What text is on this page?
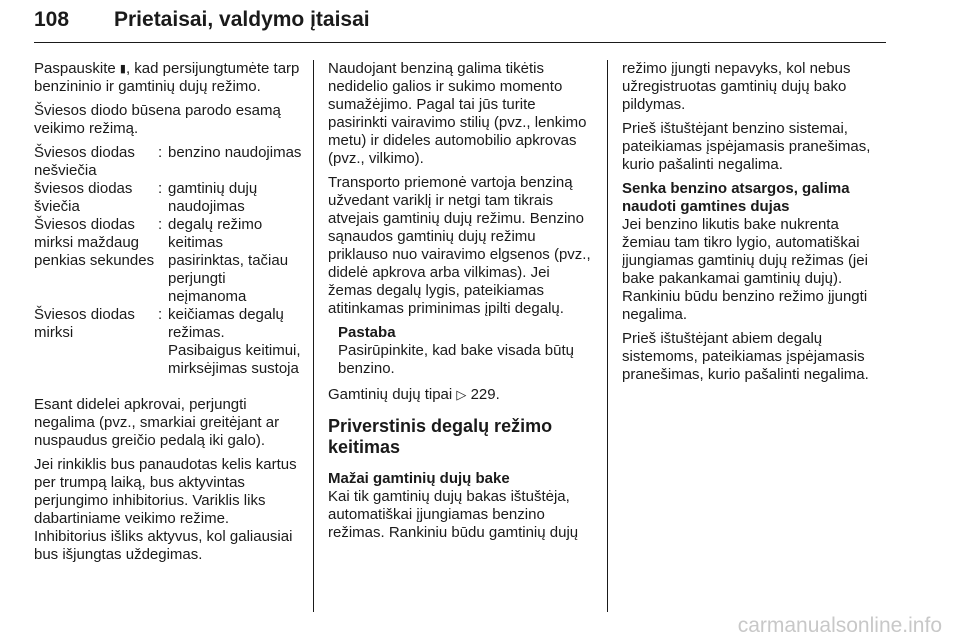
108 Prietaisai, valdymo įtaisai

Paspauskite ▮, kad persijungtumėte tarp benzininio ir gamtinių dujų režimo.

Šviesos diodo būsena parodo esamą veikimo režimą.

Šviesos diodas nešviečia
: benzino naudojimas
šviesos diodas šviečia
: gamtinių dujų naudojimas
Šviesos diodas mirksi maždaug penkias sekundes
: degalų režimo keitimas pasirinktas, tačiau perjungti neįmanoma
Šviesos diodas mirksi
: keičiamas degalų režimas. Pasibaigus keitimui, mirksėjimas sustoja

Esant didelei apkrovai, perjungti negalima (pvz., smarkiai greitėjant ar nuspaudus greičio pedalą iki galo).

Jei rinkiklis bus panaudotas kelis kartus per trumpą laiką, bus aktyvintas perjungimo inhibitorius. Variklis liks dabartiniame veikimo režime. Inhibitorius išliks aktyvus, kol galiausiai bus išjungtas uždegimas.

Naudojant benziną galima tikėtis nedidelio galios ir sukimo momento sumažėjimo. Pagal tai jūs turite pasirinkti vairavimo stilių (pvz., lenkimo metu) ir dideles automobilio apkrovas (pvz., vilkimo).

Transporto priemonė vartoja benziną užvedant variklį ir netgi tam tikrais atvejais gamtinių dujų režimu. Benzino sąnaudos gamtinių dujų režimu priklauso nuo vairavimo elgsenos (pvz., didelė apkrova arba vilkimas). Jei žemas degalų lygis, pateikiamas atitinkamas priminimas įpilti degalų.

Pastaba
Pasirūpinkite, kad bake visada būtų benzino.

Gamtinių dujų tipai ▷ 229.

Priverstinis degalų režimo keitimas
Mažai gamtinių dujų bake

Kai tik gamtinių dujų bakas ištuštėja, automatiškai įjungiamas benzino režimas. Rankiniu būdu gamtinių dujų

režimo įjungti nepavyks, kol nebus užregistruotas gamtinių dujų bako pildymas.

Prieš ištuštėjant benzino sistemai, pateikiamas įspėjamasis pranešimas, kurio pašalinti negalima.

Senka benzino atsargos, galima naudoti gamtines dujas

Jei benzino likutis bake nukrenta žemiau tam tikro lygio, automatiškai įjungiamas gamtinių dujų režimas (jei bake pakankamai gamtinių dujų). Rankiniu būdu benzino režimo įjungti negalima.

Prieš ištuštėjant abiem degalų sistemoms, pateikiamas įspėjamasis pranešimas, kurio pašalinti negalima.

carmanualsonline.info
